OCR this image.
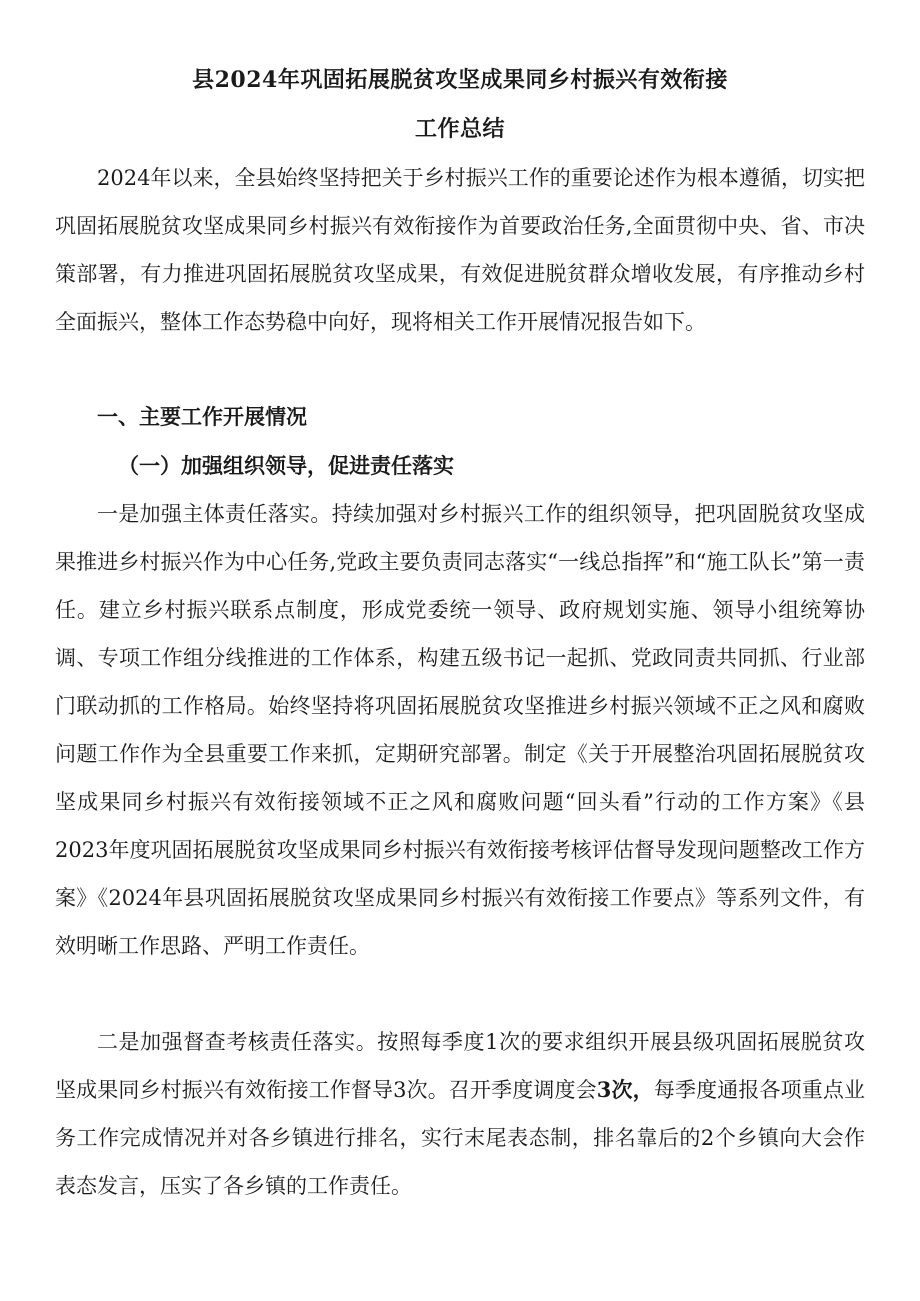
县2024年巩固拓展脱贫攻坚成果同乡村振兴有效衔接
工作总结

2024年以来，全县始终坚持把关于乡村振兴工作的重要论述作为根本遵循，切实把巩固拓展脱贫攻坚成果同乡村振兴有效衔接作为首要政治任务,全面贯彻中央、省、市决策部署，有力推进巩固拓展脱贫攻坚成果，有效促进脱贫群众增收发展，有序推动乡村全面振兴，整体工作态势稳中向好，现将相关工作开展情况报告如下。

一、主要工作开展情况

（一）加强组织领导，促进责任落实

一是加强主体责任落实。持续加强对乡村振兴工作的组织领导，把巩固脱贫攻坚成果推进乡村振兴作为中心任务,党政主要负责同志落实“一线总指挥”和“施工队长”第一责任。建立乡村振兴联系点制度，形成党委统一领导、政府规划实施、领导小组统筹协调、专项工作组分线推进的工作体系，构建五级书记一起抓、党政同责共同抓、行业部门联动抓的工作格局。始终坚持将巩固拓展脱贫攻坚推进乡村振兴领域不正之风和腐败问题工作作为全县重要工作来抓，定期研究部署。制定《关于开展整治巩固拓展脱贫攻坚成果同乡村振兴有效衔接领域不正之风和腐败问题“回头看”行动的工作方案》《县2023年度巩固拓展脱贫攻坚成果同乡村振兴有效衔接考核评估督导发现问题整改工作方案》《2024年县巩固拓展脱贫攻坚成果同乡村振兴有效衔接工作要点》等系列文件，有效明晰工作思路、严明工作责任。

二是加强督查考核责任落实。按照每季度1次的要求组织开展县级巩固拓展脱贫攻坚成果同乡村振兴有效衔接工作督导3次。召开季度调度会3次，每季度通报各项重点业务工作完成情况并对各乡镇进行排名，实行末尾表态制，排名靠后的2个乡镇向大会作表态发言，压实了各乡镇的工作责任。
